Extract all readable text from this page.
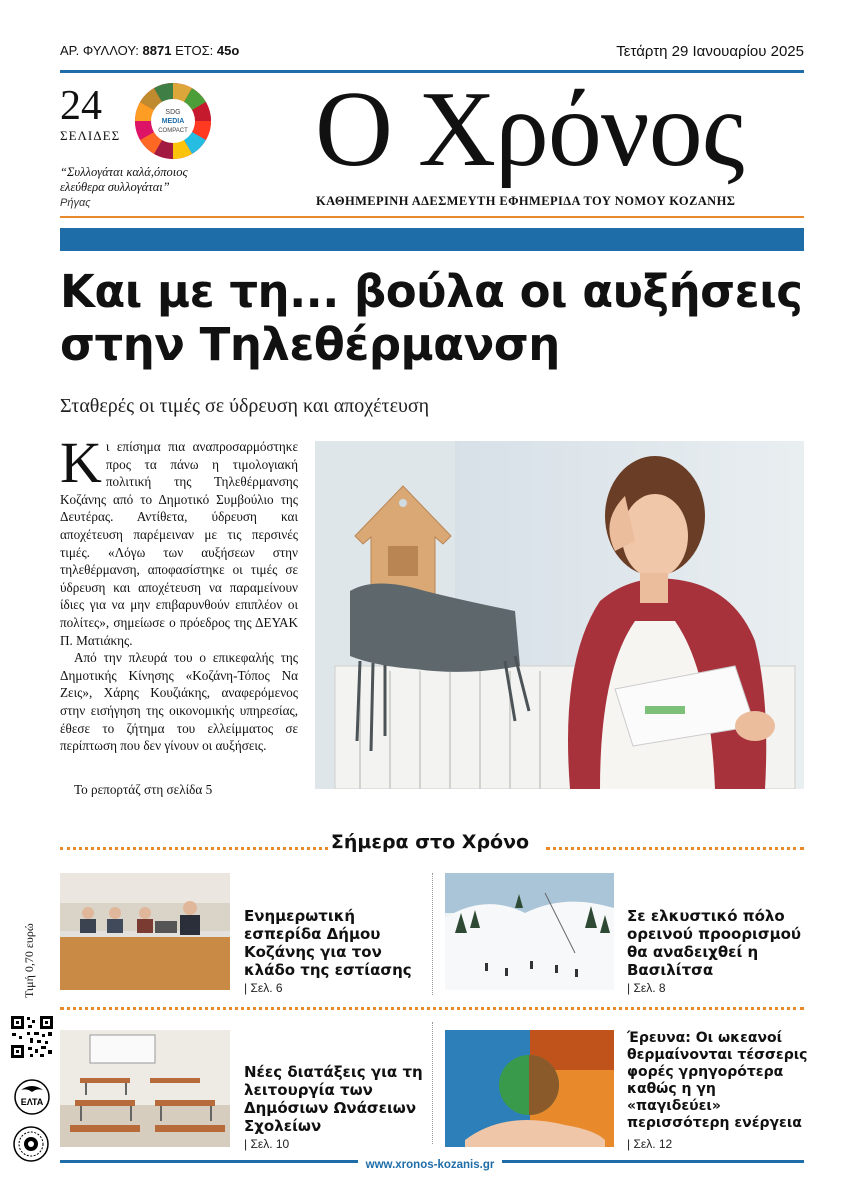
ΑΡ. ΦΥΛΛΟΥ: 8871 ΕΤΟΣ: 45ο	Τετάρτη 29 Ιανουαρίου 2025
24
ΣΕΛΙΔΕΣ
SDG
MEDIA
COMPACT
“Συλλογάται καλά,όποιος
ελεύθερα συλλογάται”
Ρήγας
Ο Χρόνος
ΚΑΘΗΜΕΡΙΝΗ ΑΔΕΣΜΕΥΤΗ ΕΦΗΜΕΡΙΔΑ ΤΟΥ ΝΟΜΟΥ ΚΟΖΑΝΗΣ
Και με τη... βούλα οι αυξήσεις
στην Τηλεθέρμανση
Σταθερές οι τιμές σε ύδρευση και αποχέτευση

Κι επίσημα πια αναπροσαρμόστηκε προς τα πάνω η τιμολογιακή πολιτική της Τηλεθέρμανσης Κοζάνης από το Δημοτικό Συμβούλιο της Δευτέρας. Αντίθετα, ύδρευση και αποχέτευση παρέμειναν με τις περσινές τιμές. «Λόγω των αυξήσεων στην τηλεθέρμανση, αποφασίστηκε οι τιμές σε ύδρευση και αποχέτευση να παραμείνουν ίδιες για να μην επιβαρυνθούν επιπλέον οι πολίτες», σημείωσε ο πρόεδρος της ΔΕΥΑΚ Π. Ματιάκης.

Από την πλευρά του ο επικεφαλής της Δημοτικής Κίνησης «Κοζάνη-Τόπος Να Ζεις», Χάρης Κουζιάκης, αναφερόμενος στην εισήγηση της οικονομικής υπηρεσίας, έθεσε το ζήτημα του ελλείμματος σε περίπτωση που δεν γίνουν οι αυξήσεις.

Το ρεπορτάζ στη σελίδα 5
Σήμερα στο Χρόνο
Τιμή 0,70 ευρώ
Ενημερωτική εσπερίδα Δήμου Κοζάνης για τον κλάδο της εστίασης
| Σελ. 6
Σε ελκυστικό πόλο ορεινού προορισμού θα αναδειχθεί η Βασιλίτσα
| Σελ. 8
Νέες διατάξεις για τη λειτουργία των Δημόσιων Ωνάσειων Σχολείων
| Σελ. 10
Έρευνα: Οι ωκεανοί θερμαίνονται τέσσερις φορές γρηγορότερα καθώς η γη «παγιδεύει» περισσότερη ενέργεια
| Σελ. 12
ΕΛΤΑ
www.xronos-kozanis.gr
